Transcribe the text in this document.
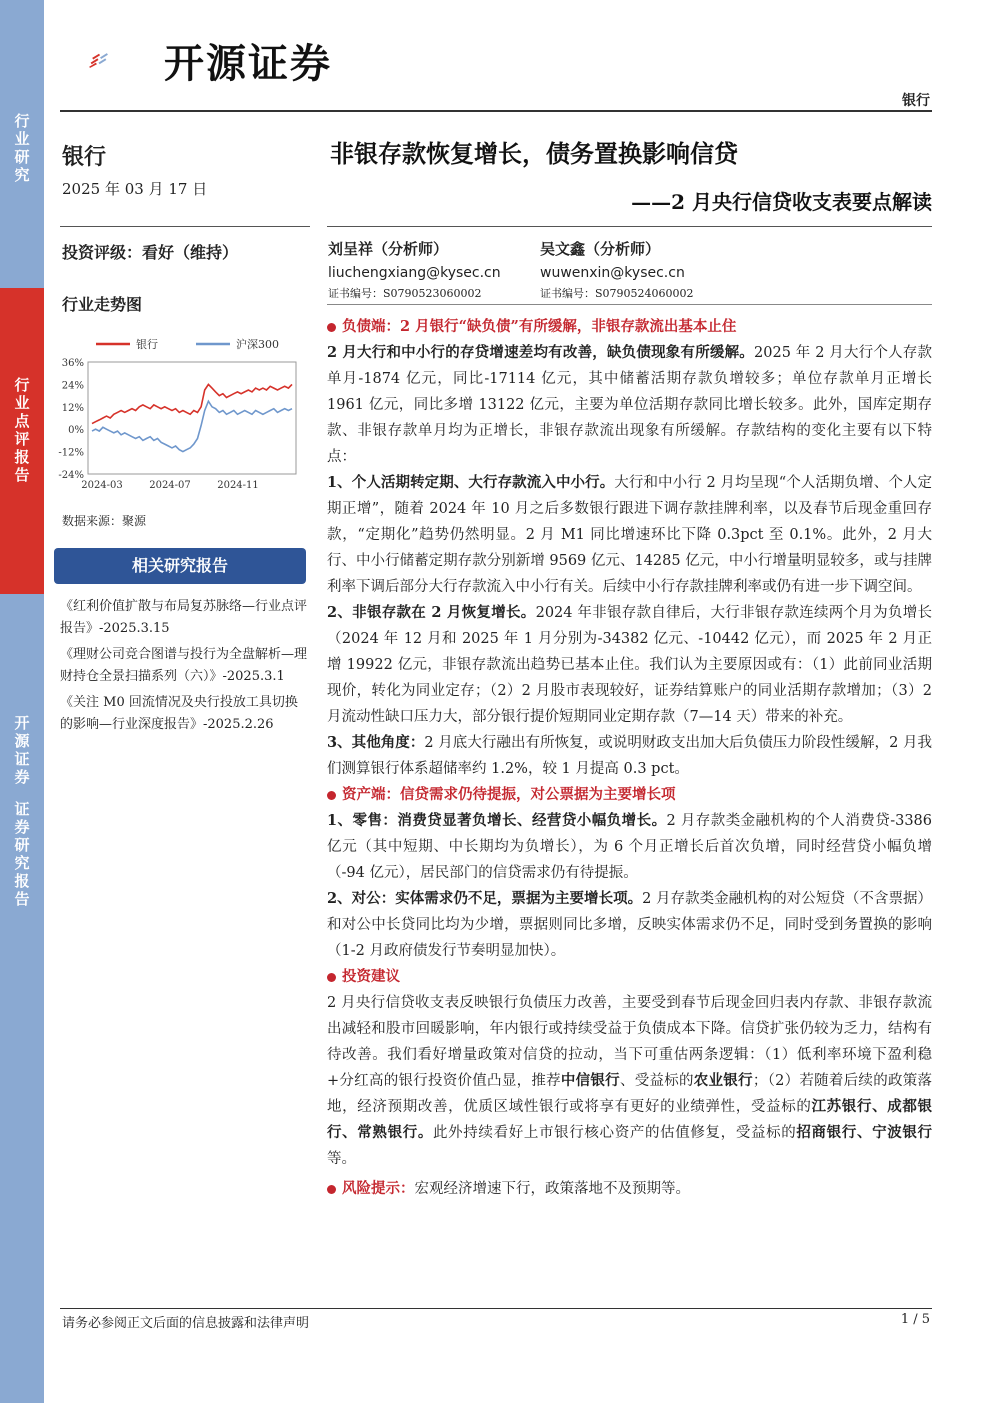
行业研究
行业点评报告
开源证券
证券研究报告
开源证券
银行
银行
2025 年 03 月 17 日
投资评级：看好（维持）
行业走势图
36%
24%
12%
0%
-12%
-24%
2024-03	2024-07	2024-11
银行	沪深300
数据来源：聚源
相关研究报告

《红利价值扩散与布局复苏脉络—行业点评报告》-2025.3.15

《理财公司竞合图谱与投行为全盘解析—理财持仓全景扫描系列（六）》-2025.3.1

《关注 M0 回流情况及央行投放工具切换的影响—行业深度报告》-2025.2.26

非银存款恢复增长，债务置换影响信贷
——2 月央行信贷收支表要点解读
刘呈祥（分析师）
liuchengxiang@kysec.cn
证书编号：S0790523060002
吴文鑫（分析师）
wuwenxin@kysec.cn
证书编号：S0790524060002

负债端：2 月银行“缺负债”有所缓解，非银存款流出基本止住

2 月大行和中小行的存贷增速差均有改善，缺负债现象有所缓解。2025 年 2 月大行个人存款单月-1874 亿元，同比-17114 亿元，其中储蓄活期存款负增较多；单位存款单月正增长 1961 亿元，同比多增 13122 亿元，主要为单位活期存款同比增长较多。此外，国库定期存款、非银存款单月均为正增长，非银存款流出现象有所缓解。存款结构的变化主要有以下特点：

1、个人活期转定期、大行存款流入中小行。大行和中小行 2 月均呈现“个人活期负增、个人定期正增”，随着 2024 年 10 月之后多数银行跟进下调存款挂牌利率，以及春节后现金重回存款，“定期化”趋势仍然明显。2 月 M1 同比增速环比下降 0.3pct 至 0.1%。此外，2 月大行、中小行储蓄定期存款分别新增 9569 亿元、14285 亿元，中小行增量明显较多，或与挂牌利率下调后部分大行存款流入中小行有关。后续中小行存款挂牌利率或仍有进一步下调空间。

2、非银存款在 2 月恢复增长。2024 年非银存款自律后，大行非银存款连续两个月为负增长（2024 年 12 月和 2025 年 1 月分别为-34382 亿元、-10442 亿元），而 2025 年 2 月正增 19922 亿元，非银存款流出趋势已基本止住。我们认为主要原因或有：（1）此前同业活期现价，转化为同业定存；（2）2 月股市表现较好，证券结算账户的同业活期存款增加；（3）2 月流动性缺口压力大，部分银行提价短期同业定期存款（7—14 天）带来的补充。

3、其他角度：2 月底大行融出有所恢复，或说明财政支出加大后负债压力阶段性缓解，2 月我们测算银行体系超储率约 1.2%，较 1 月提高 0.3 pct。

资产端：信贷需求仍待提振，对公票据为主要增长项

1、零售：消费贷显著负增长、经营贷小幅负增长。2 月存款类金融机构的个人消费贷-3386 亿元（其中短期、中长期均为负增长），为 6 个月正增长后首次负增，同时经营贷小幅负增（-94 亿元），居民部门的信贷需求仍有待提振。

2、对公：实体需求仍不足，票据为主要增长项。2 月存款类金融机构的对公短贷（不含票据）和对公中长贷同比均为少增，票据则同比多增，反映实体需求仍不足，同时受到务置换的影响（1-2 月政府债发行节奏明显加快）。

投资建议

2 月央行信贷收支表反映银行负债压力改善，主要受到春节后现金回归表内存款、非银存款流出减轻和股市回暖影响，年内银行或持续受益于负债成本下降。信贷扩张仍较为乏力，结构有待改善。我们看好增量政策对信贷的拉动，当下可重估两条逻辑：（1）低利率环境下盈利稳+分红高的银行投资价值凸显，推荐中信银行、受益标的农业银行；（2）若随着后续的政策落地，经济预期改善，优质区域性银行或将享有更好的业绩弹性，受益标的江苏银行、成都银行、常熟银行。此外持续看好上市银行核心资产的估值修复，受益标的招商银行、宁波银行等。

风险提示：宏观经济增速下行，政策落地不及预期等。

请务必参阅正文后面的信息披露和法律声明	1 / 5
